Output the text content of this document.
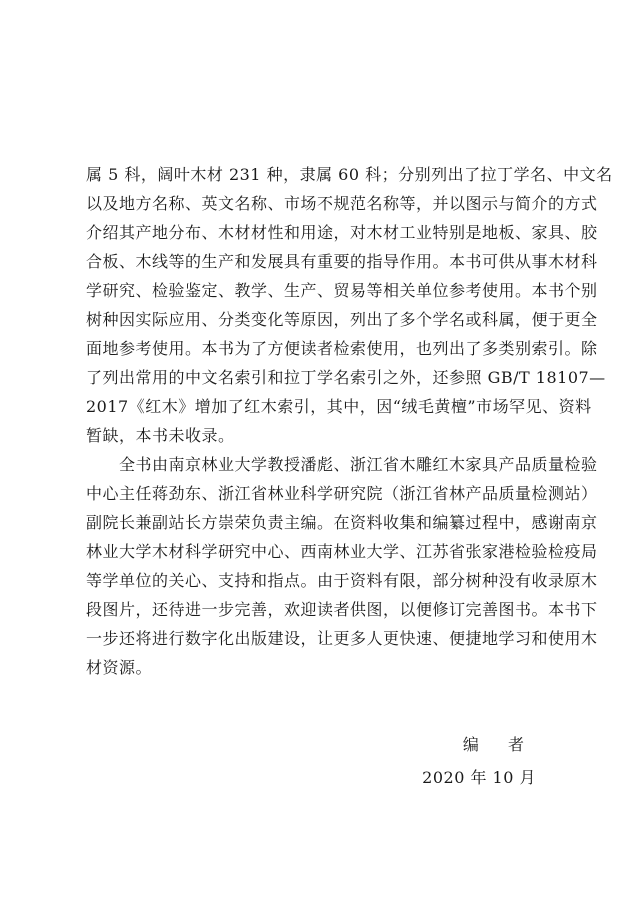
属 5 科，阔叶木材 231 种，隶属 60 科；分别列出了拉丁学名、中文名
以及地方名称、英文名称、市场不规范名称等，并以图示与简介的方式
介绍其产地分布、木材材性和用途，对木材工业特别是地板、家具、胶
合板、木线等的生产和发展具有重要的指导作用。本书可供从事木材科
学研究、检验鉴定、教学、生产、贸易等相关单位参考使用。本书个别
树种因实际应用、分类变化等原因，列出了多个学名或科属，便于更全
面地参考使用。本书为了方便读者检索使用，也列出了多类别索引。除
了列出常用的中文名索引和拉丁学名索引之外，还参照 GB/T 18107—
2017《红木》增加了红木索引，其中，因“绒毛黄檀”市场罕见、资料
暂缺，本书未收录。
　　全书由南京林业大学教授潘彪、浙江省木雕红木家具产品质量检验
中心主任蒋劲东、浙江省林业科学研究院（浙江省林产品质量检测站）
副院长兼副站长方崇荣负责主编。在资料收集和编纂过程中，感谢南京
林业大学木材科学研究中心、西南林业大学、江苏省张家港检验检疫局
等学单位的关心、支持和指点。由于资料有限，部分树种没有收录原木
段图片，还待进一步完善，欢迎读者供图，以便修订完善图书。本书下
一步还将进行数字化出版建设，让更多人更快速、便捷地学习和使用木
材资源。
编 者
2020 年 10 月
